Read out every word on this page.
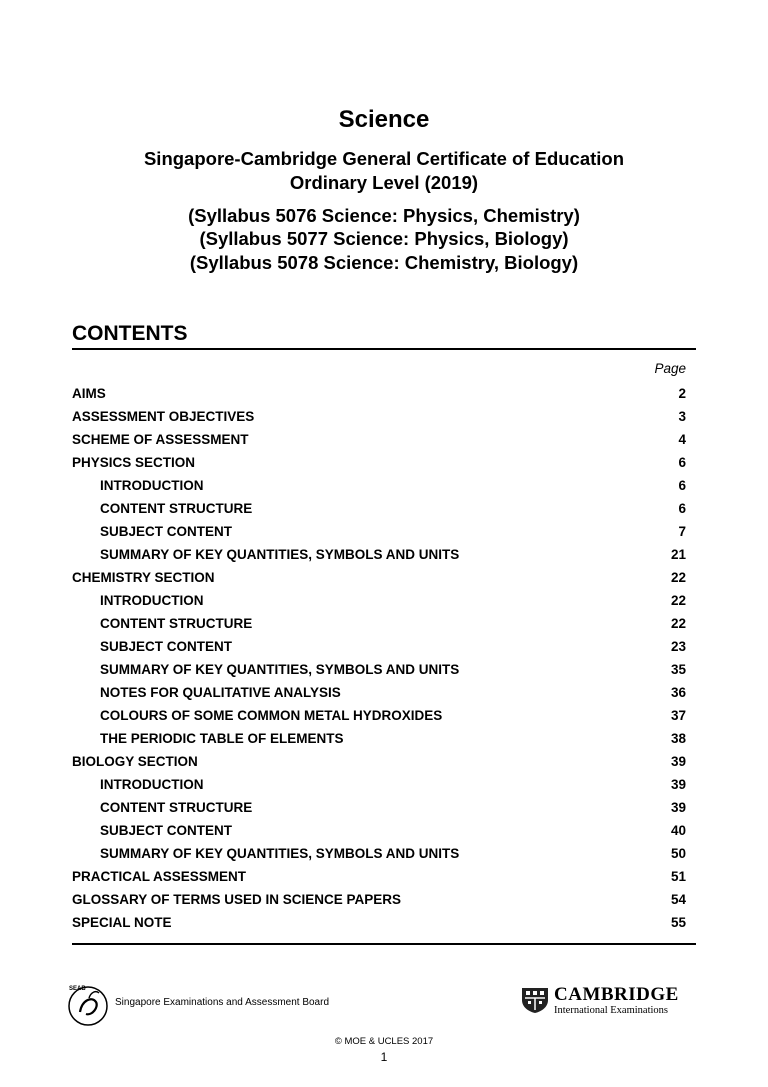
Science
Singapore-Cambridge General Certificate of Education
Ordinary Level (2019)
(Syllabus 5076 Science: Physics, Chemistry)
(Syllabus 5077 Science: Physics, Biology)
(Syllabus 5078 Science: Chemistry, Biology)
CONTENTS
Page
AIMS	2
ASSESSMENT OBJECTIVES	3
SCHEME OF ASSESSMENT	4
PHYSICS SECTION	6
INTRODUCTION	6
CONTENT STRUCTURE	6
SUBJECT CONTENT	7
SUMMARY OF KEY QUANTITIES, SYMBOLS AND UNITS	21
CHEMISTRY SECTION	22
INTRODUCTION	22
CONTENT STRUCTURE	22
SUBJECT CONTENT	23
SUMMARY OF KEY QUANTITIES, SYMBOLS AND UNITS	35
NOTES FOR QUALITATIVE ANALYSIS	36
COLOURS OF SOME COMMON METAL HYDROXIDES	37
THE PERIODIC TABLE OF ELEMENTS	38
BIOLOGY SECTION	39
INTRODUCTION	39
CONTENT STRUCTURE	39
SUBJECT CONTENT	40
SUMMARY OF KEY QUANTITIES, SYMBOLS AND UNITS	50
PRACTICAL ASSESSMENT	51
GLOSSARY OF TERMS USED IN SCIENCE PAPERS	54
SPECIAL NOTE	55
SEAB
Singapore Examinations and Assessment Board	CAMBRIDGE
International Examinations
© MOE & UCLES 2017
1
